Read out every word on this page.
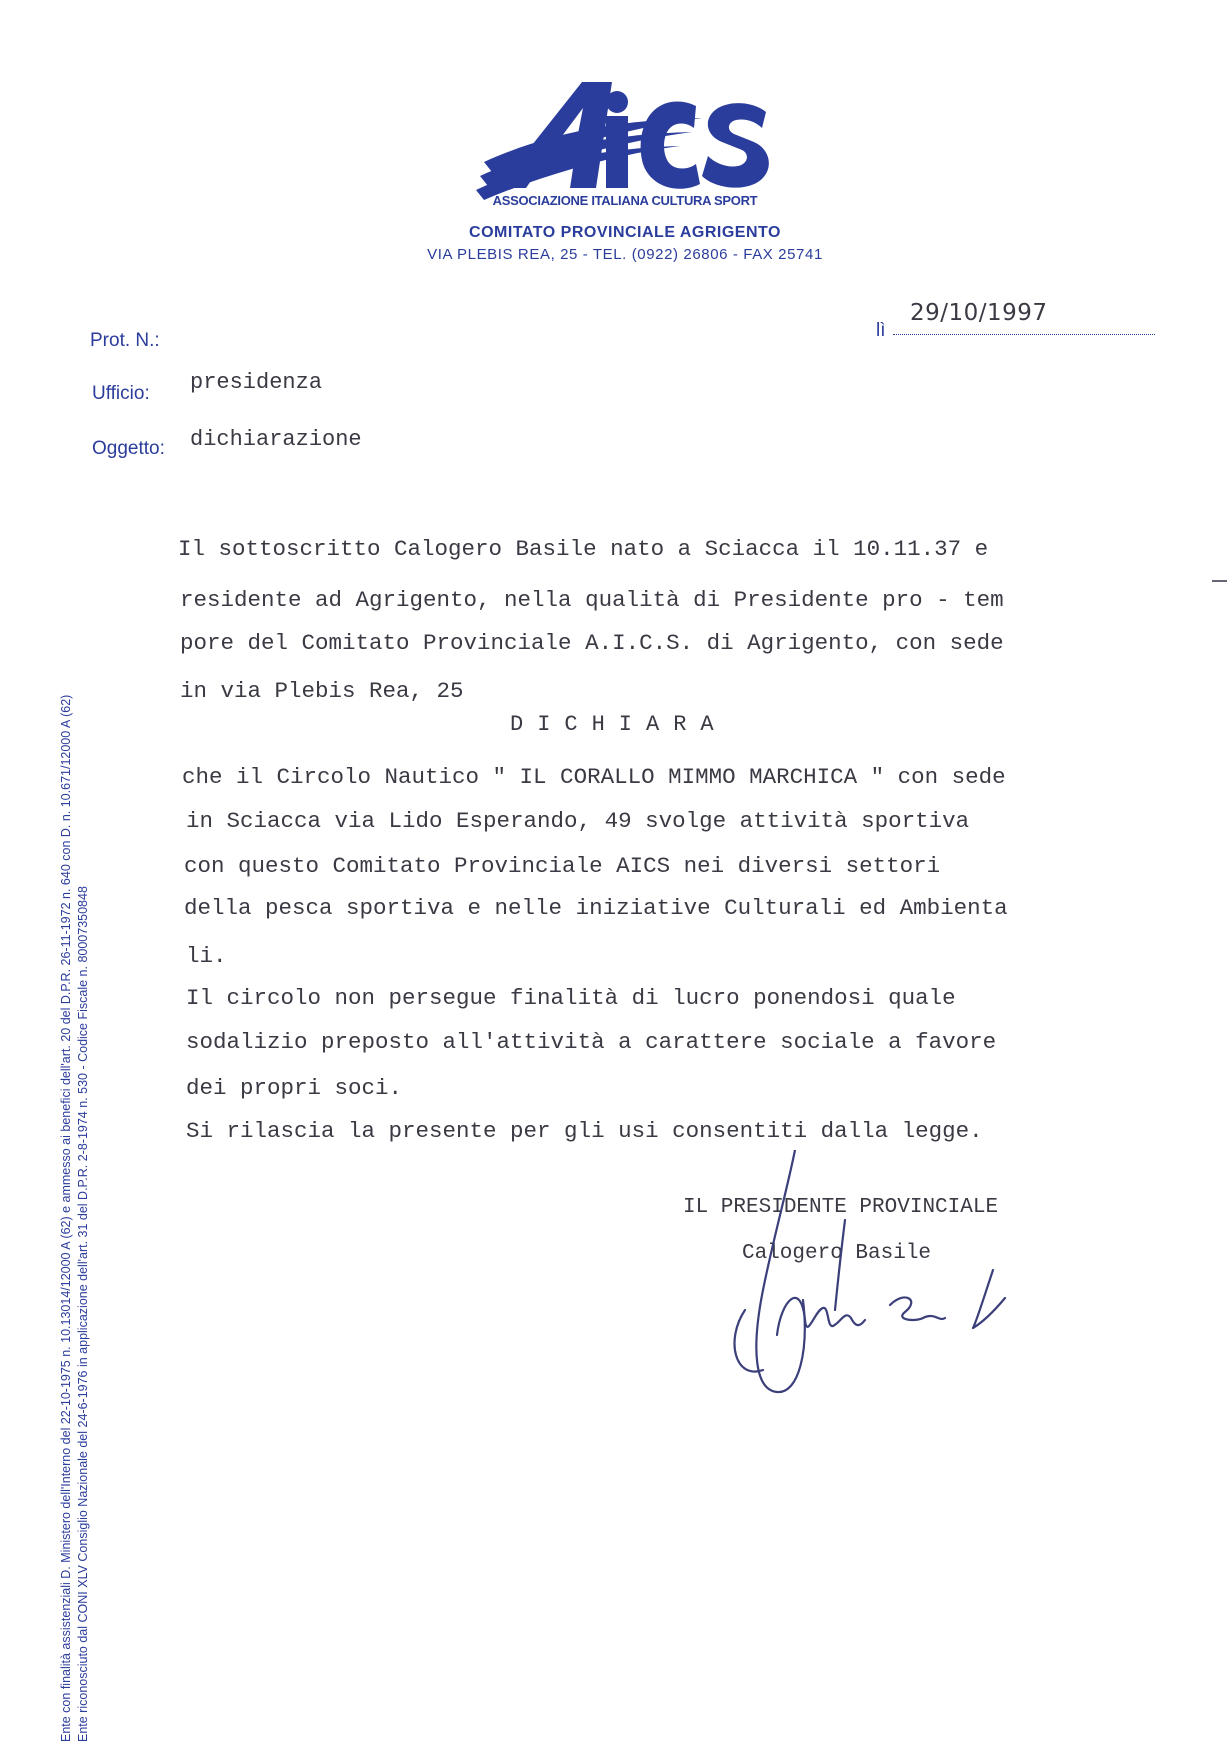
ASSOCIAZIONE ITALIANA CULTURA SPORT
COMITATO PROVINCIALE AGRIGENTO
VIA PLEBIS REA, 25 - TEL. (0922) 26806 - FAX 25741
29/10/1997
lì
Prot. N.:
Ufficio: presidenza
Oggetto: dichiarazione
Ente con finalità assistenziali D. Ministero dell'Interno del 22-10-1975 n. 10.13014/12000 A (62) e ammesso ai benefici dell'art. 20 del D.P.R. 26-11-1972 n. 640 con D. n. 10.671/12000 A (62) Ente riconosciuto dal CONI XLV Consiglio Nazionale del 24-6-1976 in applicazione dell'art. 31 del D.P.R. 2-8-1974 n. 530 - Codice Fiscale n. 80007350848
Il sottoscritto Calogero Basile nato a Sciacca il 10.11.37 e
residente ad Agrigento, nella qualità di Presidente pro - tem
pore del Comitato Provinciale A.I.C.S. di Agrigento, con sede
in via Plebis Rea, 25
DICHIARA
che il Circolo Nautico " IL CORALLO MIMMO MARCHICA " con sede
in Sciacca via Lido Esperando, 49 svolge attività sportiva
con questo Comitato Provinciale AICS nei diversi settori
della pesca sportiva e nelle iniziative Culturali ed Ambienta
li.
Il circolo non persegue finalità di lucro ponendosi quale
sodalizio preposto all'attività a carattere sociale a favore
dei propri soci.
Si rilascia la presente per gli usi consentiti dalla legge.
IL PRESIDENTE PROVINCIALE
Calogero Basile
